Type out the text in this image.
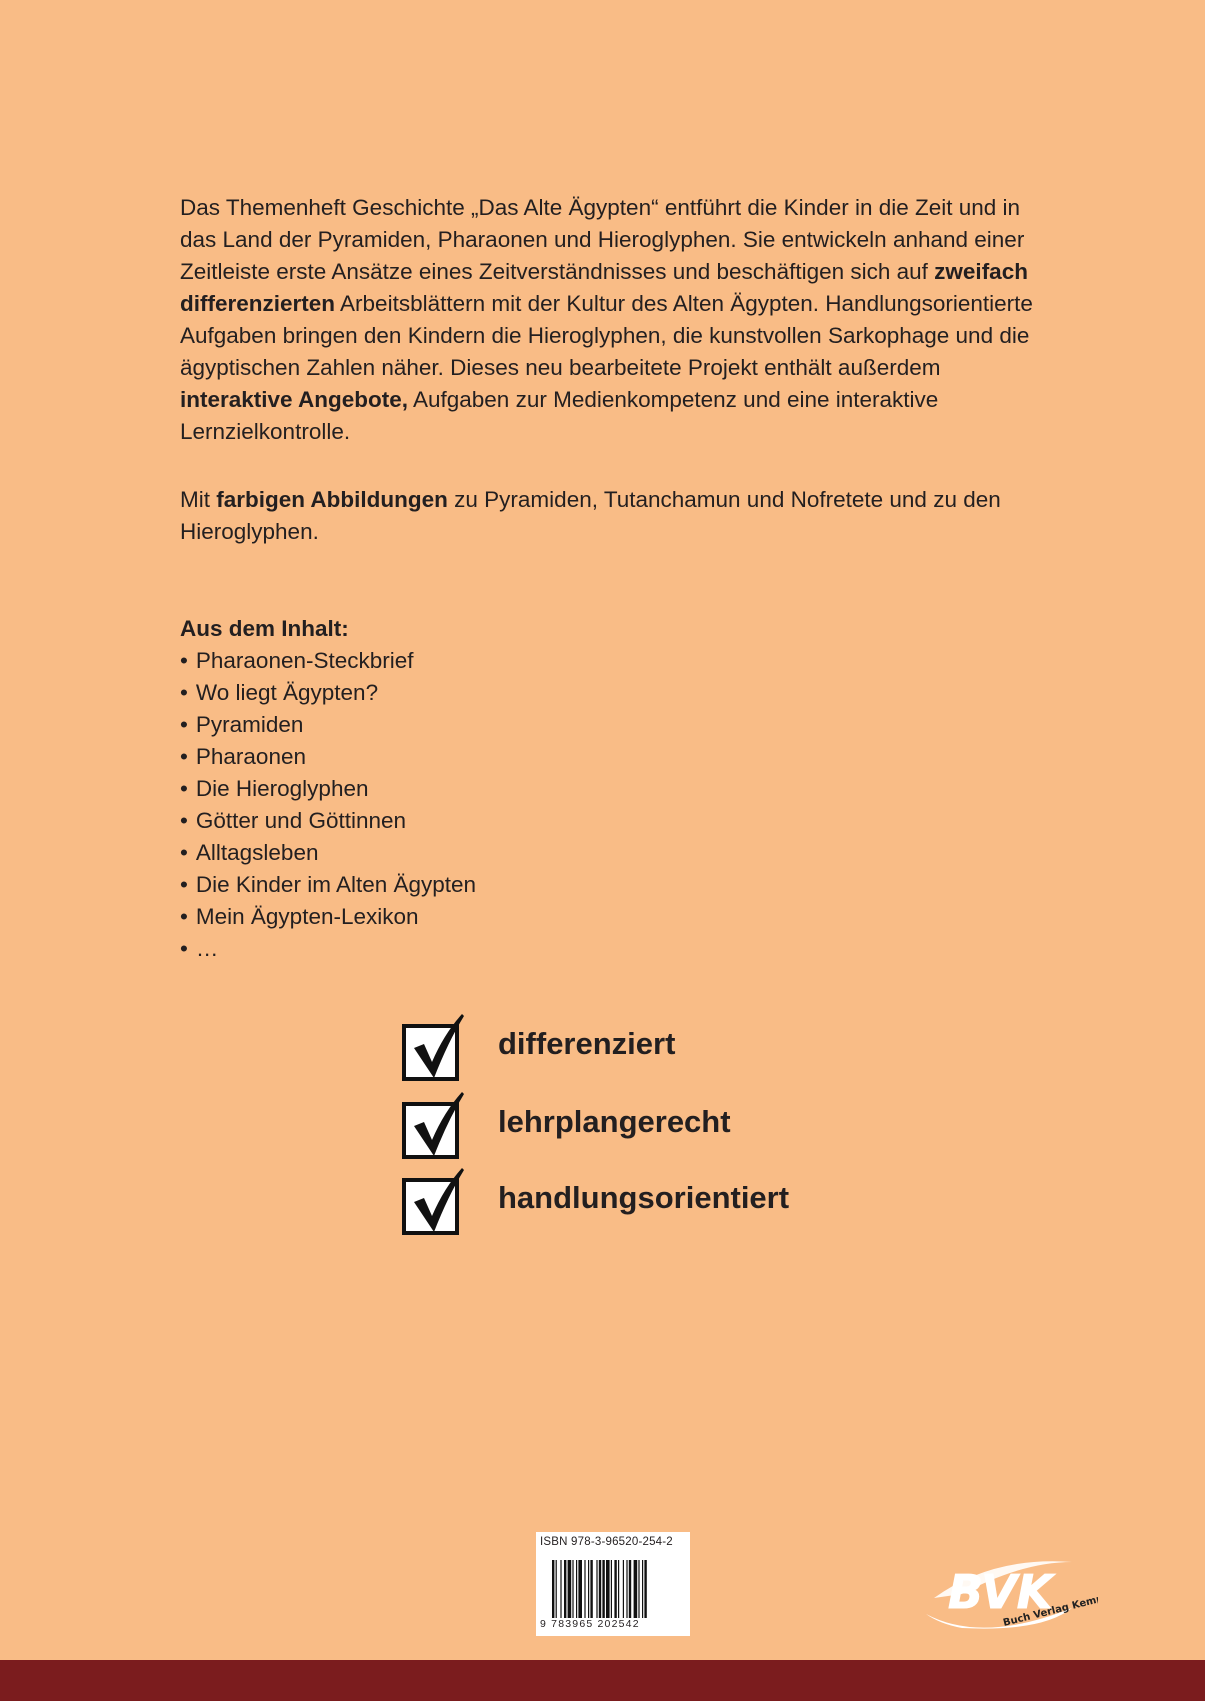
Das Themenheft Geschichte „Das Alte Ägypten“ entführt die Kinder in die Zeit und in das Land der Pyramiden, Pharaonen und Hieroglyphen. Sie entwickeln anhand einer Zeitleiste erste Ansätze eines Zeitverständnisses und beschäftigen sich auf zweifach differenzierten Arbeitsblättern mit der Kultur des Alten Ägypten. Handlungsorientierte Aufgaben bringen den Kindern die Hieroglyphen, die kunstvollen Sarkophage und die ägyptischen Zahlen näher. Dieses neu bearbeitete Projekt enthält außerdem interaktive Angebote, Aufgaben zur Medienkompetenz und eine interaktive Lernzielkontrolle.

Mit farbigen Abbildungen zu Pyramiden, Tutanchamun und Nofretete und zu den Hieroglyphen.

Aus dem Inhalt:

• Pharaonen-Steckbrief
• Wo liegt Ägypten?
• Pyramiden
• Pharaonen
• Die Hieroglyphen
• Götter und Göttinnen
• Alltagsleben
• Die Kinder im Alten Ägypten
• Mein Ägypten-Lexikon
• …
differenziert
lehrplangerecht
handlungsorientiert
ISBN 978-3-96520-254-2
9 783965 202542
BVK
Buch Verlag Kempen
